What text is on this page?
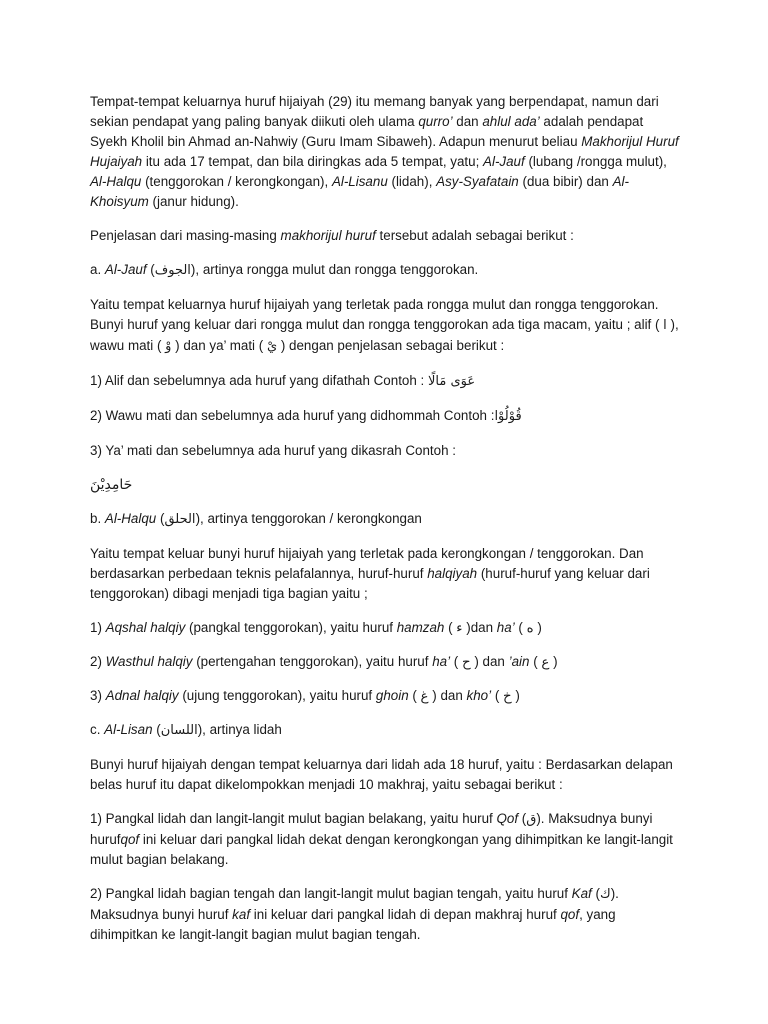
Tempat-tempat keluarnya huruf hijaiyah (29) itu memang banyak yang berpendapat, namun dari sekian pendapat yang paling banyak diikuti oleh ulama qurro’ dan ahlul ada’ adalah pendapat Syekh Kholil bin Ahmad an-Nahwiy (Guru Imam Sibaweh). Adapun menurut beliau Makhorijul Huruf Hujaiyah itu ada 17 tempat, dan bila diringkas ada 5 tempat, yatu; Al-Jauf (lubang /rongga mulut), Al-Halqu (tenggorokan / kerongkongan), Al-Lisanu (lidah), Asy-Syafatain (dua bibir) dan Al-Khoisyum (janur hidung).

Penjelasan dari masing-masing makhorijul huruf tersebut adalah sebagai berikut :

a. Al-Jauf (الجوف), artinya rongga mulut dan rongga tenggorokan.

Yaitu tempat keluarnya huruf hijaiyah yang terletak pada rongga mulut dan rongga tenggorokan. Bunyi huruf yang keluar dari rongga mulut dan rongga tenggorokan ada tiga macam, yaitu ; alif ( ا ), wawu mati ( وْ ) dan ya’ mati ( يْ ) dengan penjelasan sebagai berikut :

1) Alif dan sebelumnya ada huruf yang difathah Contoh : عَوَى مَالًا

2) Wawu mati dan sebelumnya ada huruf yang didhommah Contoh :قُوْلُوْا

3) Ya’ mati dan sebelumnya ada huruf yang dikasrah Contoh :

حَامِدِيْنَ

b. Al-Halqu (الحلق), artinya tenggorokan / kerongkongan

Yaitu tempat keluar bunyi huruf hijaiyah yang terletak pada kerongkongan / tenggorokan. Dan berdasarkan perbedaan teknis pelafalannya, huruf-huruf halqiyah (huruf-huruf yang keluar dari tenggorokan) dibagi menjadi tiga bagian yaitu ;

1) Aqshal halqiy (pangkal tenggorokan), yaitu huruf hamzah ( ء )dan ha’ ( ه )

2) Wasthul halqiy (pertengahan tenggorokan), yaitu huruf ha’ ( ح ) dan ’ain ( ع )

3) Adnal halqiy (ujung tenggorokan), yaitu huruf ghoin ( غ ) dan kho’ ( خ )

c. Al-Lisan (اللسان), artinya lidah

Bunyi huruf hijaiyah dengan tempat keluarnya dari lidah ada 18 huruf, yaitu : Berdasarkan delapan belas huruf itu dapat dikelompokkan menjadi 10 makhraj, yaitu sebagai berikut :

1) Pangkal lidah dan langit-langit mulut bagian belakang, yaitu huruf Qof (ق). Maksudnya bunyi hurufqof ini keluar dari pangkal lidah dekat dengan kerongkongan yang dihimpitkan ke langit-langit mulut bagian belakang.

2) Pangkal lidah bagian tengah dan langit-langit mulut bagian tengah, yaitu huruf Kaf (ك). Maksudnya bunyi huruf kaf ini keluar dari pangkal lidah di depan makhraj huruf qof, yang dihimpitkan ke langit-langit bagian mulut bagian tengah.
